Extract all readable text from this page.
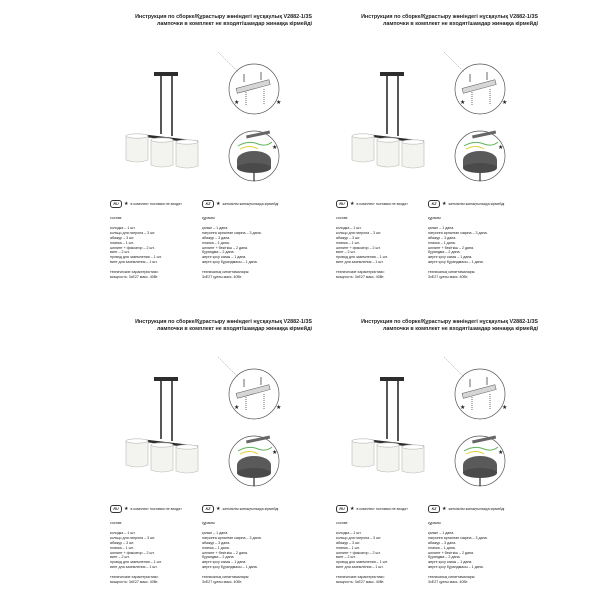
Инструкция по сборке/Құрастыру жөніндегі нұсқаулық V2882-1/3S
лампочки в комплект не входят/шамдар жинаққа кірмейді
★	★
★
RU	★ в комплект поставки не входят	KZ	★ жеткізілім жинақтылыққа кірмейді
состав:
колодка – 1 шт.
кольцо для патрона – 3 шт.
абажур – 3 шт.
планка – 1 шт.
шплинт + фиксатор – 2 шт.
винт – 2 шт.
провод для заземления – 1 шт.
винт для заземления – 1 шт.
технические характеристики:
мощность: 3xE27 макс. 40Вт.
құрамы:
қалып – 1 дана.
патронға арналған сақина – 3 дана.
абажур – 3 дана.
планка – 1 дана.
шплинт + бекіткіш – 2 дана.
бұрандма – 2 дана.
жерге қосу сымы – 1 дана.
жерге қосу бұрандмасы – 1 дана.
техникалық сипаттамалары:
3xE27 қуаты макс. 40Вт.
Инструкция по сборке/Құрастыру жөніндегі нұсқаулық V2882-1/3S
лампочки в комплект не входят/шамдар жинаққа кірмейді
★	★
★
RU	★ в комплект поставки не входят	KZ	★ жеткізілім жинақтылыққа кірмейді
состав:
колодка – 1 шт.
кольцо для патрона – 3 шт.
абажур – 3 шт.
планка – 1 шт.
шплинт + фиксатор – 2 шт.
винт – 2 шт.
провод для заземления – 1 шт.
винт для заземления – 1 шт.
технические характеристики:
мощность: 3xE27 макс. 40Вт.
құрамы:
қалып – 1 дана.
патронға арналған сақина – 3 дана.
абажур – 3 дана.
планка – 1 дана.
шплинт + бекіткіш – 2 дана.
бұрандма – 2 дана.
жерге қосу сымы – 1 дана.
жерге қосу бұрандмасы – 1 дана.
техникалық сипаттамалары:
3xE27 қуаты макс. 40Вт.
Инструкция по сборке/Құрастыру жөніндегі нұсқаулық V2882-1/3S
лампочки в комплект не входят/шамдар жинаққа кірмейді
★	★
★
RU	★ в комплект поставки не входят	KZ	★ жеткізілім жинақтылыққа кірмейді
состав:
колодка – 1 шт.
кольцо для патрона – 3 шт.
абажур – 3 шт.
планка – 1 шт.
шплинт + фиксатор – 2 шт.
винт – 2 шт.
провод для заземления – 1 шт.
винт для заземления – 1 шт.
технические характеристики:
мощность: 3xE27 макс. 40Вт.
құрамы:
қалып – 1 дана.
патронға арналған сақина – 3 дана.
абажур – 3 дана.
планка – 1 дана.
шплинт + бекіткіш – 2 дана.
бұрандма – 2 дана.
жерге қосу сымы – 1 дана.
жерге қосу бұрандмасы – 1 дана.
техникалық сипаттамалары:
3xE27 қуаты макс. 40Вт.
Инструкция по сборке/Құрастыру жөніндегі нұсқаулық V2882-1/3S
лампочки в комплект не входят/шамдар жинаққа кірмейді
★	★
★
RU	★ в комплект поставки не входят	KZ	★ жеткізілім жинақтылыққа кірмейді
состав:
колодка – 1 шт.
кольцо для патрона – 3 шт.
абажур – 3 шт.
планка – 1 шт.
шплинт + фиксатор – 2 шт.
винт – 2 шт.
провод для заземления – 1 шт.
винт для заземления – 1 шт.
технические характеристики:
мощность: 3xE27 макс. 40Вт.
құрамы:
қалып – 1 дана.
патронға арналған сақина – 3 дана.
абажур – 3 дана.
планка – 1 дана.
шплинт + бекіткіш – 2 дана.
бұрандма – 2 дана.
жерге қосу сымы – 1 дана.
жерге қосу бұрандмасы – 1 дана.
техникалық сипаттамалары:
3xE27 қуаты макс. 40Вт.
